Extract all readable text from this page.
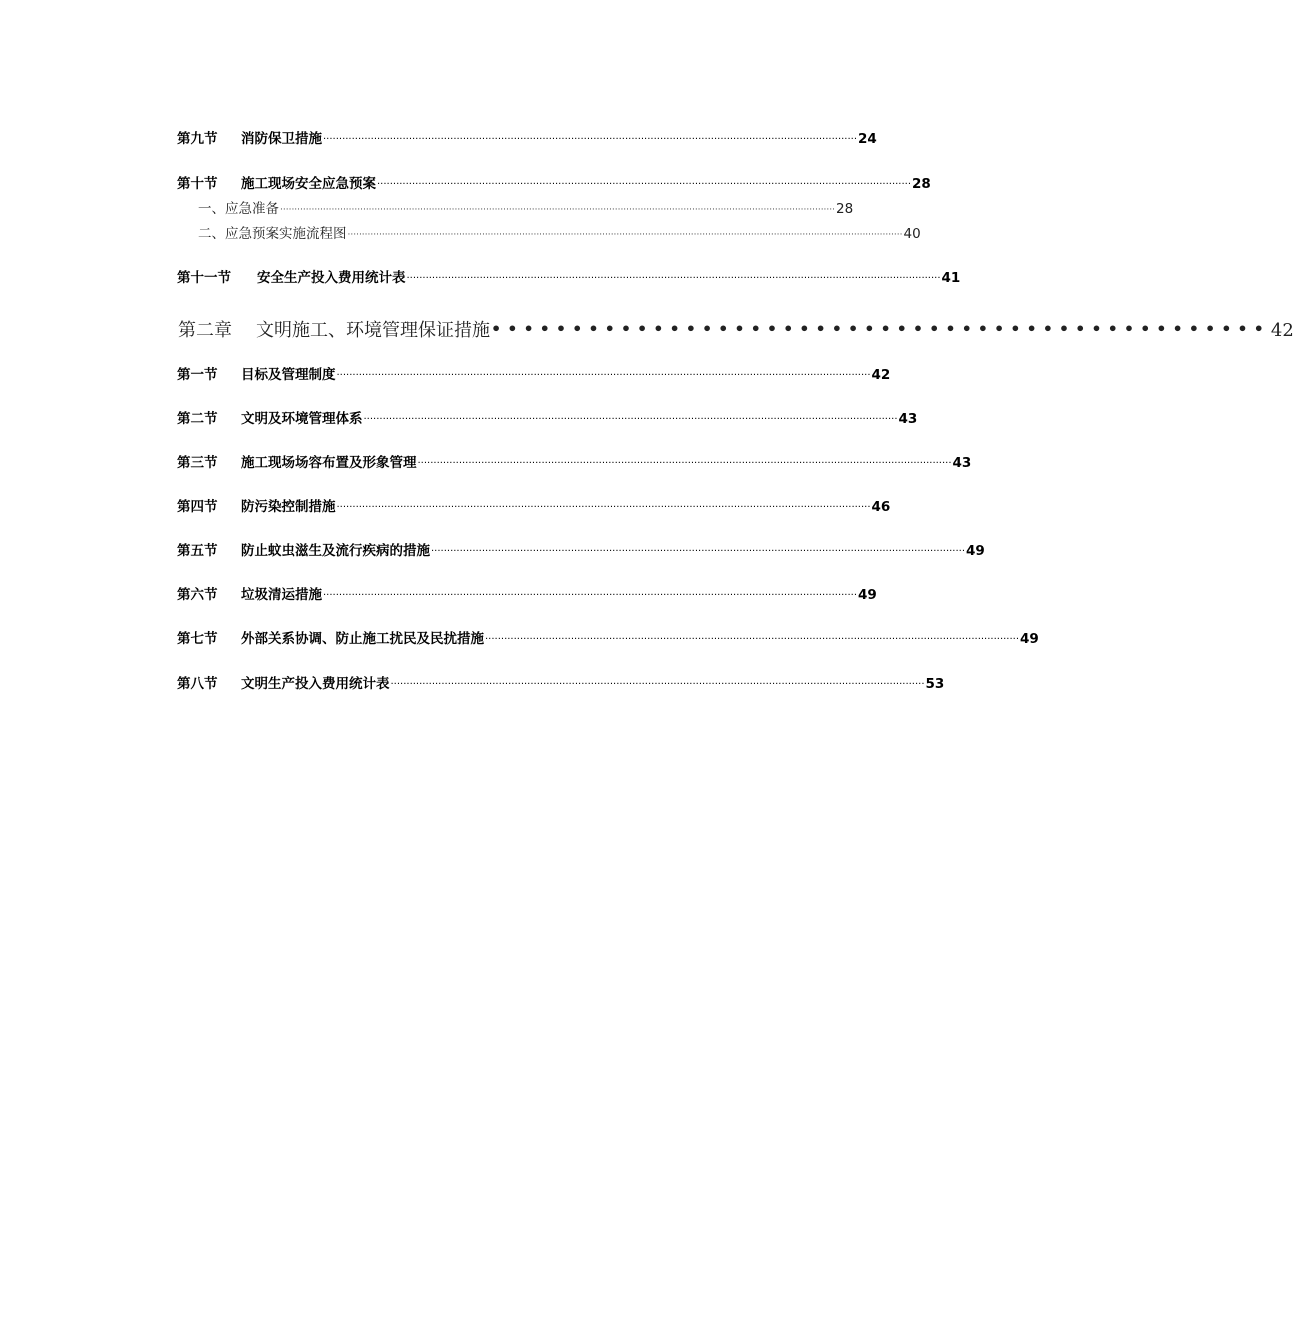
第九节 消防保卫措施 ········································································································································································ 24
第十节 施工现场安全应急预案 ········································································································································································ 28
一、应急准备 ·································································································································································································· 28
二、应急预案实施流程图 ·································································································································································································· 40
第十一节 安全生产投入费用统计表 ········································································································································································ 41
第二章 文明施工、环境管理保证措施 •••••••••••••••••••••••••••••••••••••••••••••••• 42
第一节 目标及管理制度 ········································································································································································ 42
第二节 文明及环境管理体系 ········································································································································································ 43
第三节 施工现场场容布置及形象管理 ········································································································································································ 43
第四节 防污染控制措施 ········································································································································································ 46
第五节 防止蚊虫滋生及流行疾病的措施 ········································································································································································ 49
第六节 垃圾清运措施 ········································································································································································ 49
第七节 外部关系协调、防止施工扰民及民扰措施 ········································································································································································ 49
第八节 文明生产投入费用统计表 ········································································································································································ 53
